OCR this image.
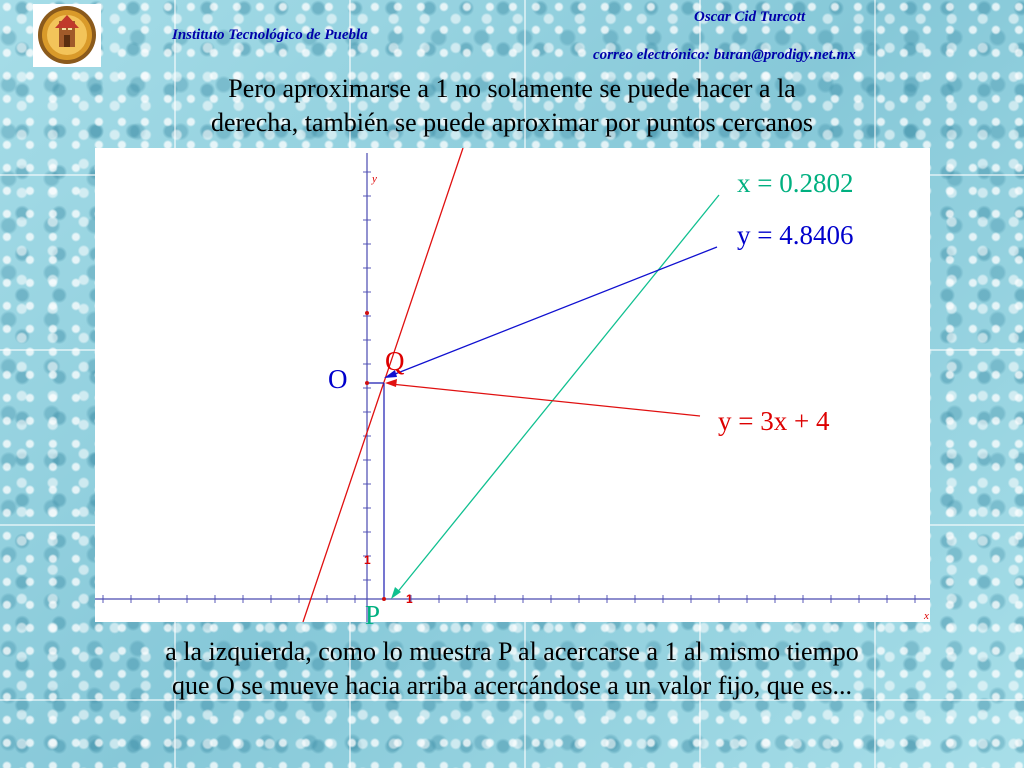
Instituto Tecnológico de Puebla
Oscar Cid Turcott
correo electrónico: buran@prodigy.net.mx
Pero aproximarse a 1 no solamente se puede hacer a la
derecha, también se puede aproximar por puntos cercanos
x = 0.2802
y = 4.8406
y = 3x + 4
O
Q
P
y
x
1
1
a la izquierda, como lo muestra P al acercarse a 1 al mismo tiempo
que O se mueve hacia arriba acercándose a un valor fijo, que es...
